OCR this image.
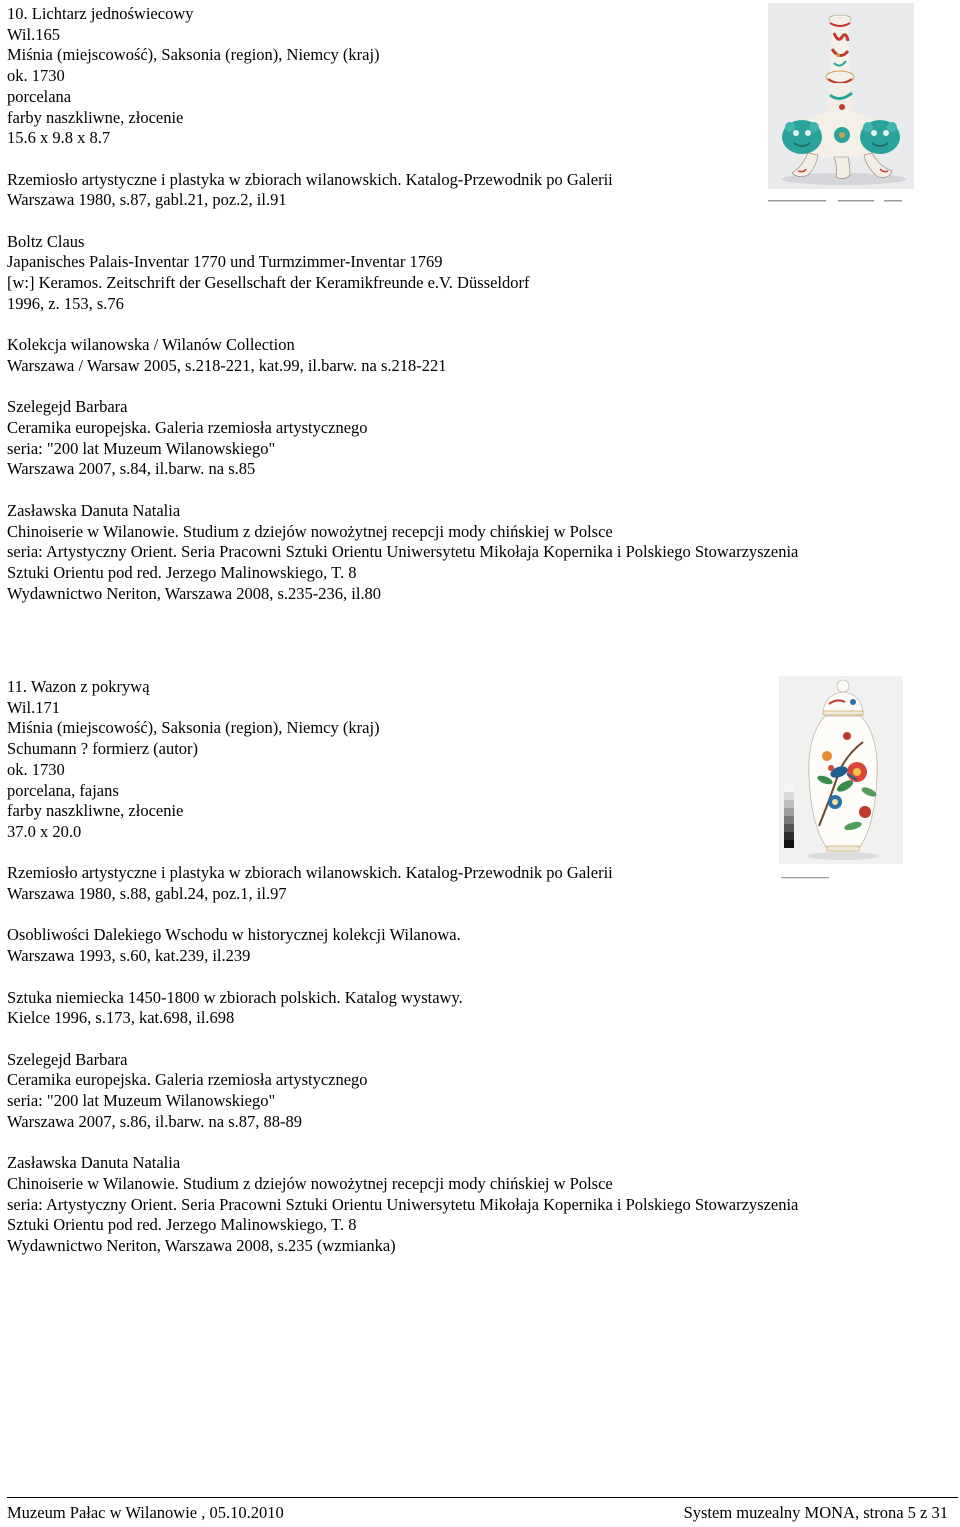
10. Lichtarz jednoświecowy

Wil.165

Miśnia (miejscowość), Saksonia (region), Niemcy (kraj)

ok. 1730

porcelana

farby naszkliwne, złocenie

15.6 x 9.8 x 8.7

Rzemiosło artystyczne i plastyka w zbiorach wilanowskich. Katalog-Przewodnik po Galerii

Warszawa 1980, s.87, gabl.21, poz.2, il.91

Boltz Claus

Japanisches Palais-Inventar 1770 und Turmzimmer-Inventar 1769

[w:] Keramos. Zeitschrift der Gesellschaft der Keramikfreunde e.V. Düsseldorf

1996, z. 153, s.76

Kolekcja wilanowska / Wilanów Collection

Warszawa / Warsaw 2005, s.218-221, kat.99, il.barw. na s.218-221

Szelegejd Barbara

Ceramika europejska. Galeria rzemiosła artystycznego

seria: "200 lat Muzeum Wilanowskiego"

Warszawa 2007, s.84, il.barw. na s.85

Zasławska Danuta Natalia

Chinoiserie w Wilanowie. Studium z dziejów nowożytnej recepcji mody chińskiej w Polsce

seria: Artystyczny Orient. Seria Pracowni Sztuki Orientu Uniwersytetu Mikołaja Kopernika i Polskiego Stowarzyszenia

Sztuki Orientu pod red. Jerzego Malinowskiego, T. 8

Wydawnictwo Neriton, Warszawa 2008, s.235-236, il.80

11. Wazon z pokrywą

Wil.171

Miśnia (miejscowość), Saksonia (region), Niemcy (kraj)

Schumann ? formierz (autor)

ok. 1730

porcelana, fajans

farby naszkliwne, złocenie

37.0 x 20.0

Rzemiosło artystyczne i plastyka w zbiorach wilanowskich. Katalog-Przewodnik po Galerii

Warszawa 1980, s.88, gabl.24, poz.1, il.97

Osobliwości Dalekiego Wschodu w historycznej kolekcji Wilanowa.

Warszawa 1993, s.60, kat.239, il.239

Sztuka niemiecka 1450-1800 w zbiorach polskich. Katalog wystawy.

Kielce 1996, s.173, kat.698, il.698

Szelegejd Barbara

Ceramika europejska. Galeria rzemiosła artystycznego

seria: "200 lat Muzeum Wilanowskiego"

Warszawa 2007, s.86, il.barw. na s.87, 88-89

Zasławska Danuta Natalia

Chinoiserie w Wilanowie. Studium z dziejów nowożytnej recepcji mody chińskiej w Polsce

seria: Artystyczny Orient. Seria Pracowni Sztuki Orientu Uniwersytetu Mikołaja Kopernika i Polskiego Stowarzyszenia

Sztuki Orientu pod red. Jerzego Malinowskiego, T. 8

Wydawnictwo Neriton, Warszawa 2008, s.235 (wzmianka)

Muzeum Pałac w Wilanowie , 05.10.2010	System muzealny MONA, strona 5 z 31
